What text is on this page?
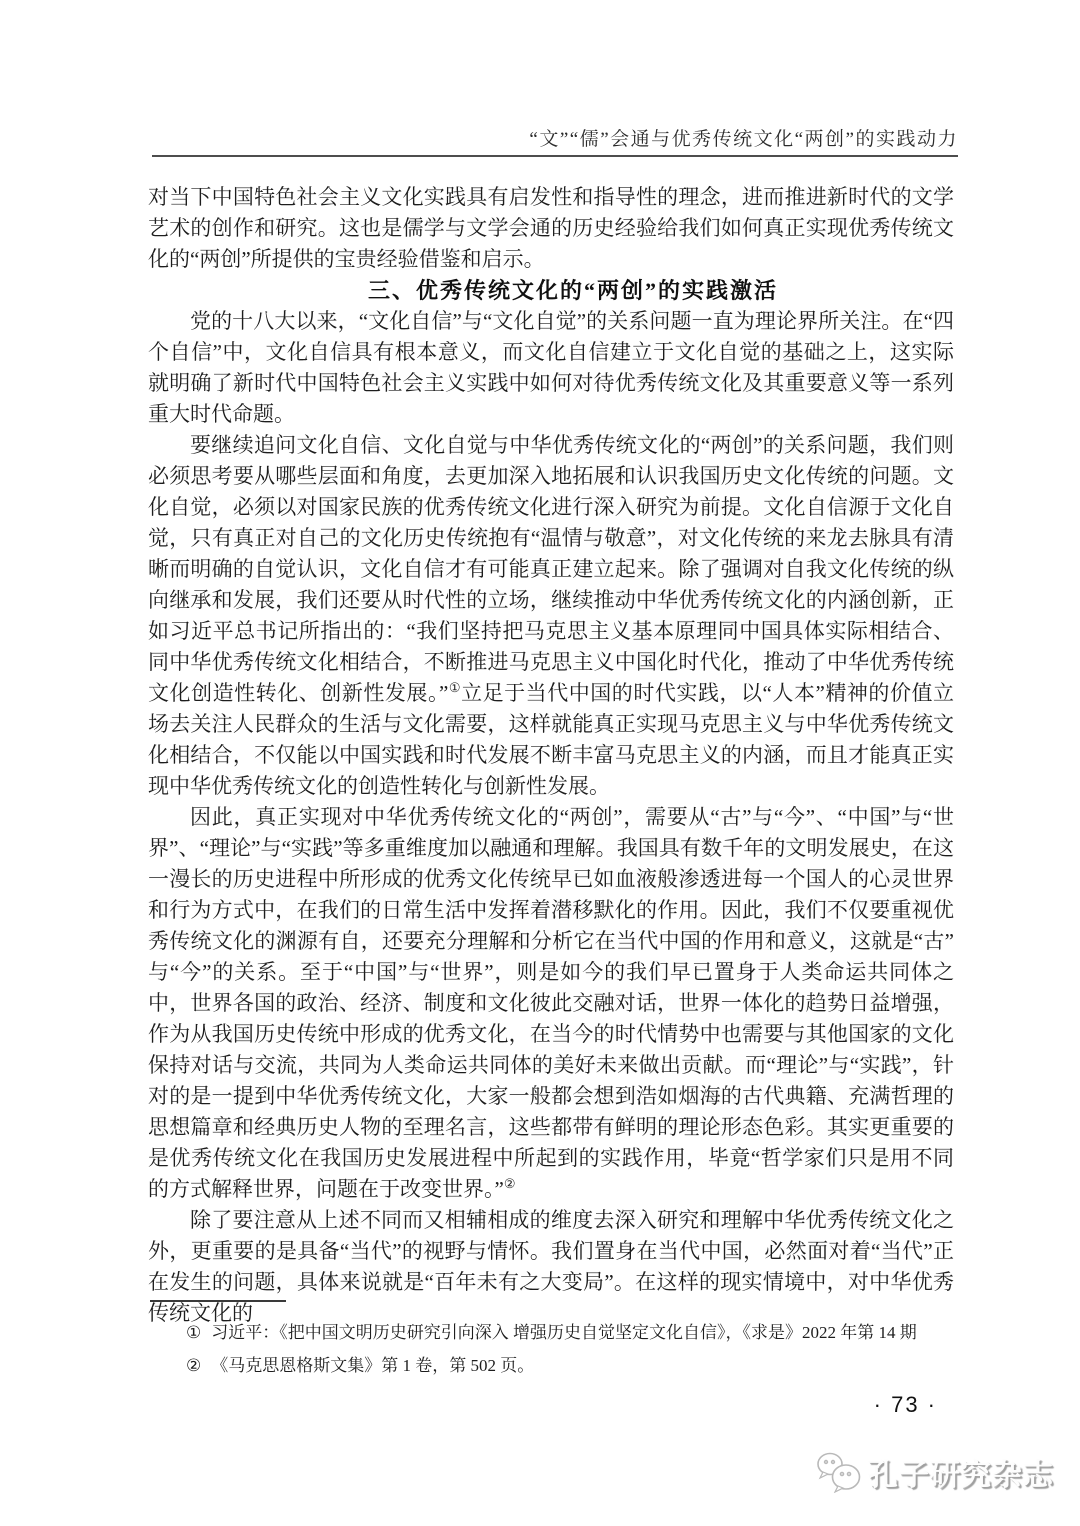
“文”“儒”会通与优秀传统文化“两创”的实践动力

对当下中国特色社会主义文化实践具有启发性和指导性的理念，进而推进新时代的文学艺术的创作和研究。这也是儒学与文学会通的历史经验给我们如何真正实现优秀传统文化的“两创”所提供的宝贵经验借鉴和启示。

三、优秀传统文化的“两创”的实践激活

党的十八大以来，“文化自信”与“文化自觉”的关系问题一直为理论界所关注。在“四个自信”中，文化自信具有根本意义，而文化自信建立于文化自觉的基础之上，这实际就明确了新时代中国特色社会主义实践中如何对待优秀传统文化及其重要意义等一系列重大时代命题。

要继续追问文化自信、文化自觉与中华优秀传统文化的“两创”的关系问题，我们则必须思考要从哪些层面和角度，去更加深入地拓展和认识我国历史文化传统的问题。文化自觉，必须以对国家民族的优秀传统文化进行深入研究为前提。文化自信源于文化自觉，只有真正对自己的文化历史传统抱有“温情与敬意”，对文化传统的来龙去脉具有清晰而明确的自觉认识，文化自信才有可能真正建立起来。除了强调对自我文化传统的纵向继承和发展，我们还要从时代性的立场，继续推动中华优秀传统文化的内涵创新，正如习近平总书记所指出的：“我们坚持把马克思主义基本原理同中国具体实际相结合、同中华优秀传统文化相结合，不断推进马克思主义中国化时代化，推动了中华优秀传统文化创造性转化、创新性发展。”①立足于当代中国的时代实践，以“人本”精神的价值立场去关注人民群众的生活与文化需要，这样就能真正实现马克思主义与中华优秀传统文化相结合，不仅能以中国实践和时代发展不断丰富马克思主义的内涵，而且才能真正实现中华优秀传统文化的创造性转化与创新性发展。

因此，真正实现对中华优秀传统文化的“两创”，需要从“古”与“今”、“中国”与“世界”、“理论”与“实践”等多重维度加以融通和理解。我国具有数千年的文明发展史，在这一漫长的历史进程中所形成的优秀文化传统早已如血液般渗透进每一个国人的心灵世界和行为方式中，在我们的日常生活中发挥着潜移默化的作用。因此，我们不仅要重视优秀传统文化的渊源有自，还要充分理解和分析它在当代中国的作用和意义，这就是“古”与“今”的关系。至于“中国”与“世界”，则是如今的我们早已置身于人类命运共同体之中，世界各国的政治、经济、制度和文化彼此交融对话，世界一体化的趋势日益增强，作为从我国历史传统中形成的优秀文化，在当今的时代情势中也需要与其他国家的文化保持对话与交流，共同为人类命运共同体的美好未来做出贡献。而“理论”与“实践”，针对的是一提到中华优秀传统文化，大家一般都会想到浩如烟海的古代典籍、充满哲理的思想篇章和经典历史人物的至理名言，这些都带有鲜明的理论形态色彩。其实更重要的是优秀传统文化在我国历史发展进程中所起到的实践作用，毕竟“哲学家们只是用不同的方式解释世界，问题在于改变世界。”②

除了要注意从上述不同而又相辅相成的维度去深入研究和理解中华优秀传统文化之外，更重要的是具备“当代”的视野与情怀。我们置身在当代中国，必然面对着“当代”正在发生的问题，具体来说就是“百年未有之大变局”。在这样的现实情境中，对中华优秀传统文化的

① 习近平：《把中国文明历史研究引向深入 增强历史自觉坚定文化自信》，《求是》2022 年第 14 期
② 《马克思恩格斯文集》第 1 卷，第 502 页。
· 73 ·
孔子研究杂志
